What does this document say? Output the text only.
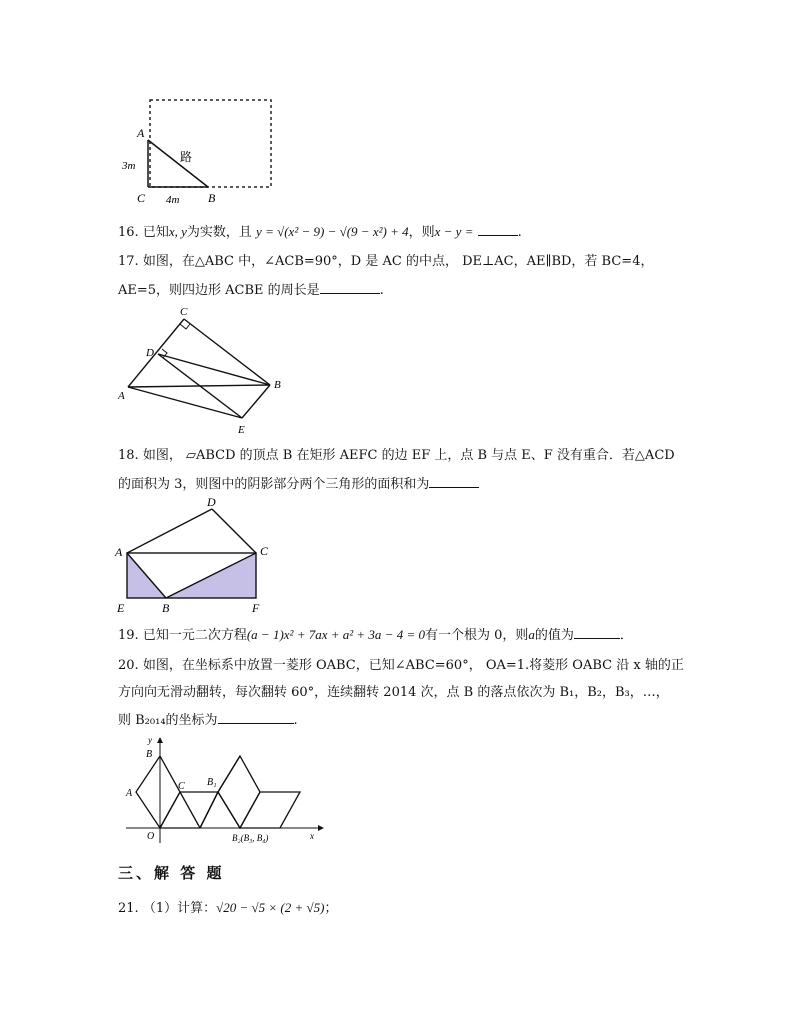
A
C	B
3m
4m
路
16. 已知x, y为实数，且 y = √(x² − 9) − √(9 − x²) + 4，则x − y =	.
17. 如图，在△ABC 中，∠ACB=90°，D 是 AC 的中点， DE⊥AC，AE∥BD，若 BC=4，
AE=5，则四边形 ACBE 的周长是	.
C
D
A
B
E
18. 如图， ▱ABCD 的顶点 B 在矩形 AEFC 的边 EF 上，点 B 与点 E、F 没有重合．若△ACD
的面积为 3，则图中的阴影部分两个三角形的面积和为
D
A	C
E	B	F
19. 已知一元二次方程(a − 1)x² + 7ax + a² + 3a − 4 = 0有一个根为 0，则a的值为	．
20. 如图，在坐标系中放置一菱形 OABC，已知∠ABC=60°， OA=1.将菱形 OABC 沿 x 轴的正
方向向无滑动翻转，每次翻转 60°，连续翻转 2014 次，点 B 的落点依次为 B₁，B₂，B₃，…，
则 B₂₀₁₄的坐标为	.
y
B
A
C B₁
O	B₂(B₃, B₄)	x
三、解 答 题
21. （1）计算：√20 − √5 × (2 + √5)；
